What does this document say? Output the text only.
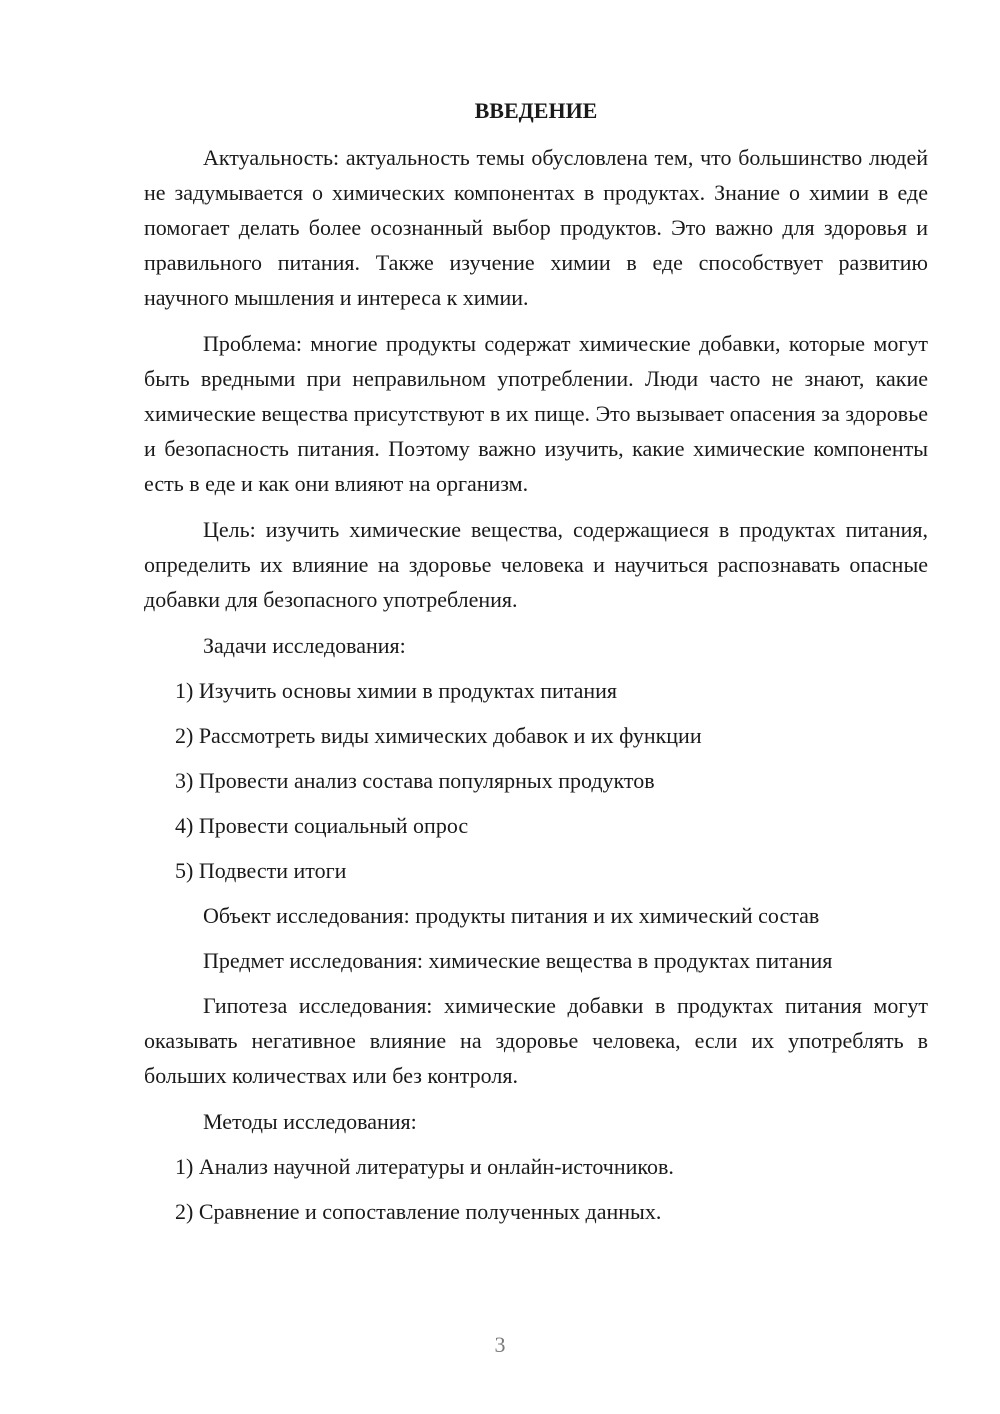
ВВЕДЕНИЕ

Актуальность: актуальность темы обусловлена тем, что большинство людей не задумывается о химических компонентах в продуктах. Знание о химии в еде помогает делать более осознанный выбор продуктов. Это важно для здоровья и правильного питания. Также изучение химии в еде способствует развитию научного мышления и интереса к химии.

Проблема: многие продукты содержат химические добавки, которые могут быть вредными при неправильном употреблении. Люди часто не знают, какие химические вещества присутствуют в их пище. Это вызывает опасения за здоровье и безопасность питания. Поэтому важно изучить, какие химические компоненты есть в еде и как они влияют на организм.

Цель: изучить химические вещества, содержащиеся в продуктах питания, определить их влияние на здоровье человека и научиться распознавать опасные добавки для безопасного употребления.

Задачи исследования:
1) Изучить основы химии в продуктах питания
2) Рассмотреть виды химических добавок и их функции
3) Провести анализ состава популярных продуктов
4) Провести социальный опрос
5) Подвести итоги
Объект исследования: продукты питания и их химический состав
Предмет исследования: химические вещества в продуктах питания

Гипотеза исследования: химические добавки в продуктах питания могут оказывать негативное влияние на здоровье человека, если их употреблять в больших количествах или без контроля.

Методы исследования:
1) Анализ научной литературы и онлайн-источников.
2) Сравнение и сопоставление полученных данных.
3
